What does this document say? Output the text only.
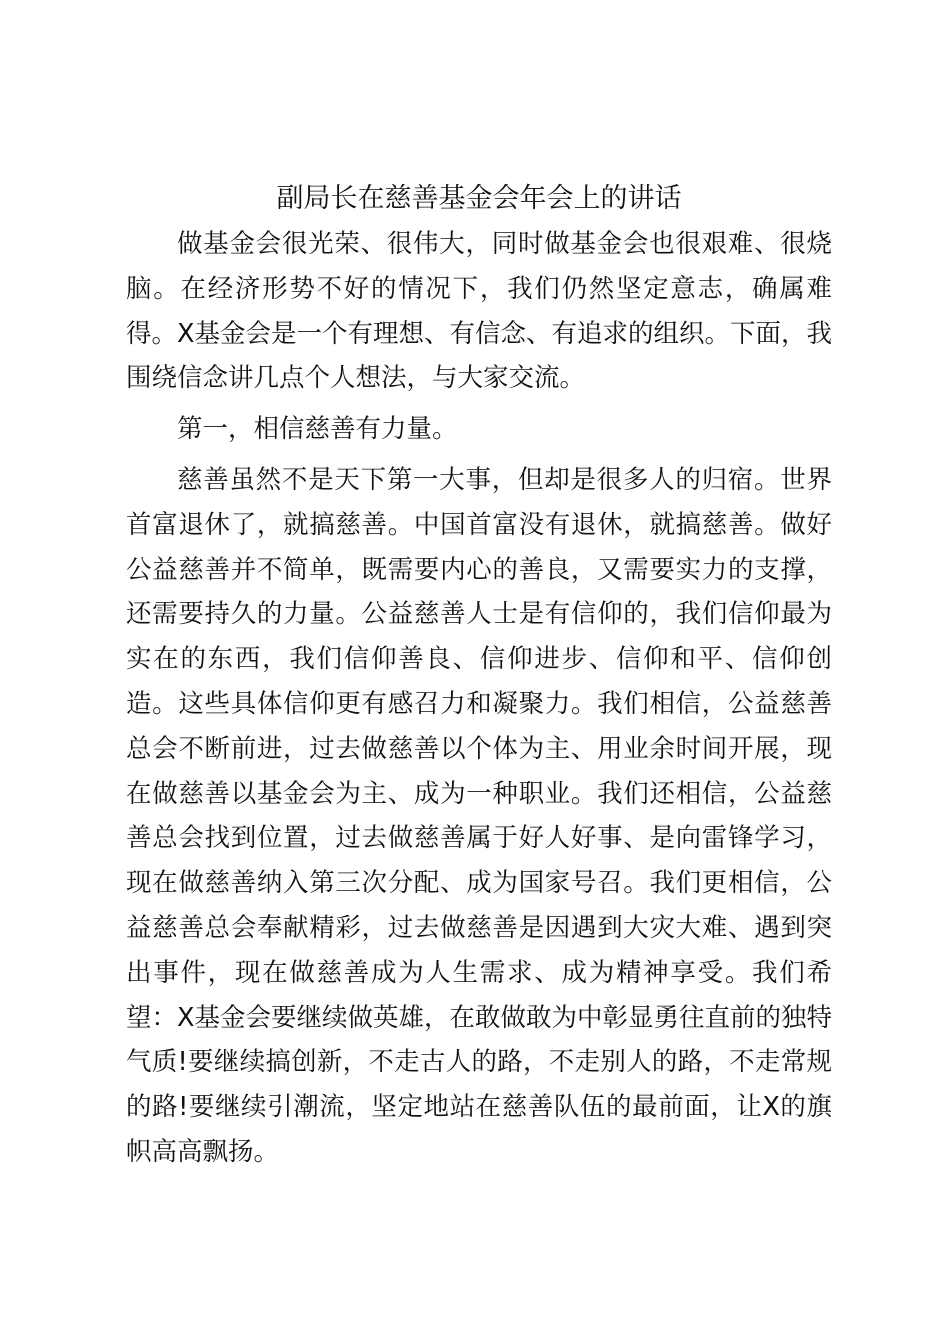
副局长在慈善基金会年会上的讲话

做基金会很光荣、很伟大，同时做基金会也很艰难、很烧脑。在经济形势不好的情况下，我们仍然坚定意志，确属难得。X基金会是一个有理想、有信念、有追求的组织。下面，我围绕信念讲几点个人想法，与大家交流。

第一，相信慈善有力量。

慈善虽然不是天下第一大事，但却是很多人的归宿。世界首富退休了，就搞慈善。中国首富没有退休，就搞慈善。做好公益慈善并不简单，既需要内心的善良，又需要实力的支撑，还需要持久的力量。公益慈善人士是有信仰的，我们信仰最为实在的东西，我们信仰善良、信仰进步、信仰和平、信仰创造。这些具体信仰更有感召力和凝聚力。我们相信，公益慈善总会不断前进，过去做慈善以个体为主、用业余时间开展，现在做慈善以基金会为主、成为一种职业。我们还相信，公益慈善总会找到位置，过去做慈善属于好人好事、是向雷锋学习，现在做慈善纳入第三次分配、成为国家号召。我们更相信，公益慈善总会奉献精彩，过去做慈善是因遇到大灾大难、遇到突出事件，现在做慈善成为人生需求、成为精神享受。我们希望：X基金会要继续做英雄，在敢做敢为中彰显勇往直前的独特气质!要继续搞创新，不走古人的路，不走别人的路，不走常规的路!要继续引潮流，坚定地站在慈善队伍的最前面，让X的旗帜高高飘扬。
